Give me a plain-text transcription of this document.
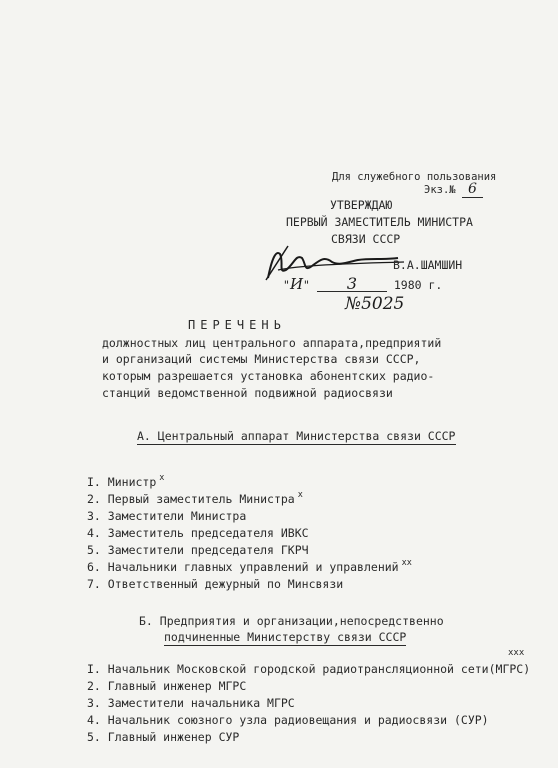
Для служебного пользования
Экз.№ 6
УТВЕРЖДАЮ
ПЕРВЫЙ ЗАМЕСТИТЕЛЬ МИНИСТРА
СВЯЗИ СССР
В.А.ШАМШИН
"И" 3	1980 г.
№5025
ПЕРЕЧЕНЬ
должностных лиц центрального аппарата,предприятий
и организаций системы Министерства связи СССР,
которым разрешается установка абонентских радио-
станций ведомственной подвижной радиосвязи
А. Центральный аппарат Министерства связи СССР
I. Министр $^x$
2. Первый заместитель Министра $^x$
3. Заместители Министра
4. Заместитель председателя ИВКС
5. Заместители председателя ГКРЧ
6. Начальники главных управлений и управлений $^{xx}$
7. Ответственный дежурный по Минсвязи
Б. Предприятия и организации,непосредственно
подчиненные Министерству связи СССР
xxx
I. Начальник Московской городской радиотрансляционной сети(МГРС)
2. Главный инженер МГРС
3. Заместители начальника МГРС
4. Начальник союзного узла радиовещания и радиосвязи (СУР)
5. Главный инженер СУР
